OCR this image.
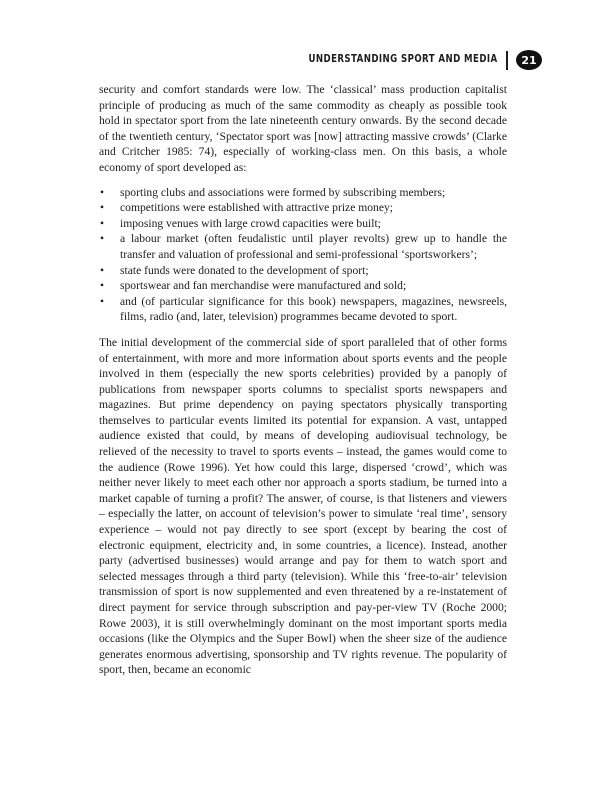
UNDERSTANDING SPORT AND MEDIA	21

security and comfort standards were low. The ‘classical’ mass production capitalist principle of producing as much of the same commodity as cheaply as possible took hold in spectator sport from the late nineteenth century onwards. By the second decade of the twentieth century, ‘Spectator sport was [now] attracting massive crowds’ (Clarke and Critcher 1985: 74), especially of working-class men. On this basis, a whole economy of sport developed as:

• sporting clubs and associations were formed by subscribing members;
• competitions were established with attractive prize money;
• imposing venues with large crowd capacities were built;
• a labour market (often feudalistic until player revolts) grew up to handle the transfer and valuation of professional and semi-professional ‘sportsworkers’;
• state funds were donated to the development of sport;
• sportswear and fan merchandise were manufactured and sold;
• and (of particular significance for this book) newspapers, magazines, newsreels, films, radio (and, later, television) programmes became devoted to sport.

The initial development of the commercial side of sport paralleled that of other forms of entertainment, with more and more information about sports events and the people involved in them (especially the new sports celebrities) provided by a panoply of publications from newspaper sports columns to specialist sports newspapers and magazines. But prime dependency on paying spectators physically transporting themselves to particular events limited its potential for expansion. A vast, untapped audience existed that could, by means of developing audiovisual technology, be relieved of the necessity to travel to sports events – instead, the games would come to the audience (Rowe 1996). Yet how could this large, dispersed ‘crowd’, which was neither never likely to meet each other nor approach a sports stadium, be turned into a market capable of turning a profit? The answer, of course, is that listeners and viewers – especially the latter, on account of television’s power to simulate ‘real time’, sensory experience – would not pay directly to see sport (except by bearing the cost of electronic equipment, electricity and, in some countries, a licence). Instead, another party (advertised businesses) would arrange and pay for them to watch sport and selected messages through a third party (television). While this ‘free-to-air’ television transmission of sport is now supplemented and even threatened by a re-instatement of direct payment for service through subscription and pay-per-view TV (Roche 2000; Rowe 2003), it is still overwhelmingly dominant on the most important sports media occasions (like the Olympics and the Super Bowl) when the sheer size of the audience generates enormous advertising, sponsorship and TV rights revenue. The popularity of sport, then, became an economic
